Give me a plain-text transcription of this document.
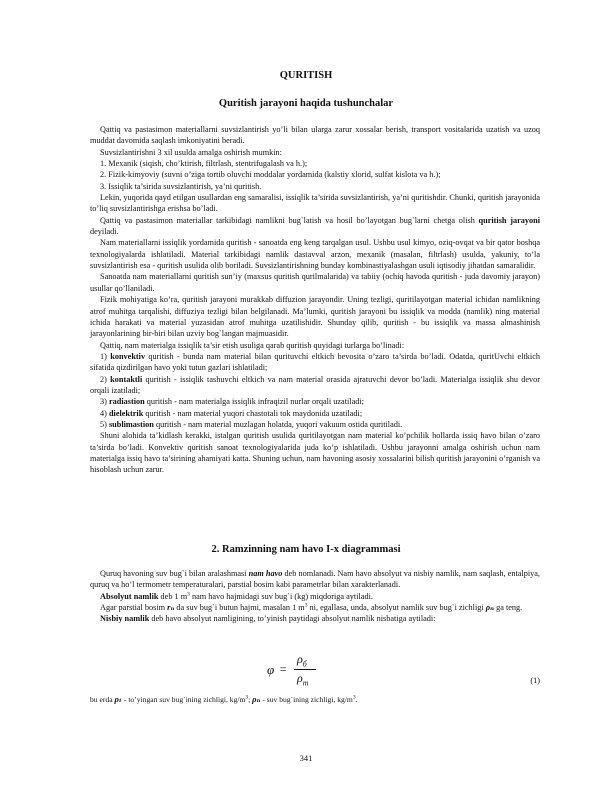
QURITISH
Quritish jarayoni haqida tushunchalar

Qattiq va pastasimon materiallarni suvsizlantirish yo’li bilan ularga zarur xossalar berish, transport vositalarida uzatish va uzoq muddat davomida saqlash imkoniyatini beradi.

Suvsizlantirishni 3 xil usulda amalga oshirish mumkin:

1. Mexanik (siqish, cho’ktirish, filtrlash, stentrifugalash va h.);

2. Fizik-kimyoviy (suvni o’ziga tortib oluvchi moddalar yordamida (kalstiy xlorid, sulfat kislota va h.);

3. Issiqlik ta’sirida suvsizlantirish, ya’ni quritish.

Lekin, yuqorida qayd etilgan usullardan eng samaralisi, issiqlik ta’sirida suvsizlantirish, ya’ni quritishdir. Chunki, quritish jarayonida to’liq suvsizlantirishga erishsa bo’ladi.

Qattiq va pastasimon materiallar tarkibidagi namlikni bug`latish va hosil bo’layotgan bug`larni chetga olish quritish jarayoni deyiladi.

Nam materiallarni issiqlik yordamida quritish - sanoatda eng keng tarqalgan usul. Ushbu usul kimyo, oziq-ovqat va bir qator boshqa texnologiyalarda ishlatiladi. Material tarkibidagi namlik dastavval arzon, mexanik (masalan, filtrlash) usulda, yakuniy, to’la suvsizlantirish esa - quritish usulida olib boriladi. Suvsizlantirishning bunday kombinastiyalashgan usuli iqtisodiy jihatdan samaralidir.

Sanoatda nam materiallarni quritish sun’iy (maxsus quritish qurilmalarida) va tabiiy (ochiq havoda quritish - juda davomiy jarayon) usullar qo’llaniladi.

Fizik mohiyatiga ko’ra, quritish jarayoni murakkab diffuzion jarayondir. Uning tezligi, quritilayotgan material ichidan namlikning atrof muhitga tarqalishi, diffuziya tezligi bilan belgilanadi. Ma’lumki, quritish jarayoni bu issiqlik va modda (namlik) ning material ichida harakati va material yuzasidan atrof muhitga uzatilishidir. Shunday qilib, quritish - bu issiqlik va massa almashinish jarayonlarining bir-biri bilan uzviy bog`langan majmuasidir.

Qattiq, nam materialga issiqlik ta’sir etish usuliga qarab quritish quyidagi turlarga bo’linadi:

1) konvektiv quritish - bunda nam material bilan qurituvchi eltkich bevosita o’zaro ta’sirda bo’ladi. Odatda, quritUvchi eltkich sifatida qizdirilgan havo yoki tutun gazlari ishlatiladi;

2) kontaktli quritish - issiqlik tashuvchi eltkich va nam material orasida ajratuvchi devor bo’ladi. Materialga issiqlik shu devor orqali izatiladi;

3) radiastion quritish - nam materialga issiqlik infraqizil nurlar orqali uzatiladi;

4) dielektrik quritish - nam material yuqori chastotali tok maydonida uzatiladi;

5) sublimastion quritish - nam material muzlagan holatda, yuqori vakuum ostida quritiladi.

Shuni alohida ta’kidlash kerakki, istalgan quritish usulida quritilayotgan nam material ko’pchilik hollarda issiq havo bilan o’zaro ta’sirda bo’ladi. Konvektiv quritish sanoat texnologiyalarida juda ko’p ishlatiladi. Ushbu jarayonni amalga oshirish uchun nam materialga issiq havo ta’sirining ahamiyati katta. Shuning uchun, nam havoning asosiy xossalarini bilish quritish jarayonini o’rganish va hisoblash uchun zarur.

2. Ramzinning nam havo I-x diagrammasi

Quruq havoning suv bug`i bilan aralashmasi nam havo deb nomlanadi. Nam havo absolyut va nisbiy namlik, nam saqlash, entalpiya, quruq va ho’l termometr temperaturalari, parstial bosim kabi parametrlar bilan xarakterlanadi.

Absolyut namlik deb 1 $m^3$ nam havo hajmidagi suv bug`i (kg) miqdoriga aytiladi.

Agar parstial bosim rₙ da suv bug`i butun hajmi, masalan 1 $m^3$ ni, egallasa, unda, absolyut namlik suv bug`i zichligi ρₙ ga teng.

Nisbiy namlik deb havo absolyut namligining, to’yinish paytidagi absolyut namlik nisbatiga aytiladi:

φ =
$\rho_б$
$\rho_т$	(1)
bu erda ρₜ - to’yingan suv bug`ining zichligi, $kg/m^3$; ρₙ - suv bug`ining zichligi, $kg/m^3$.
341
